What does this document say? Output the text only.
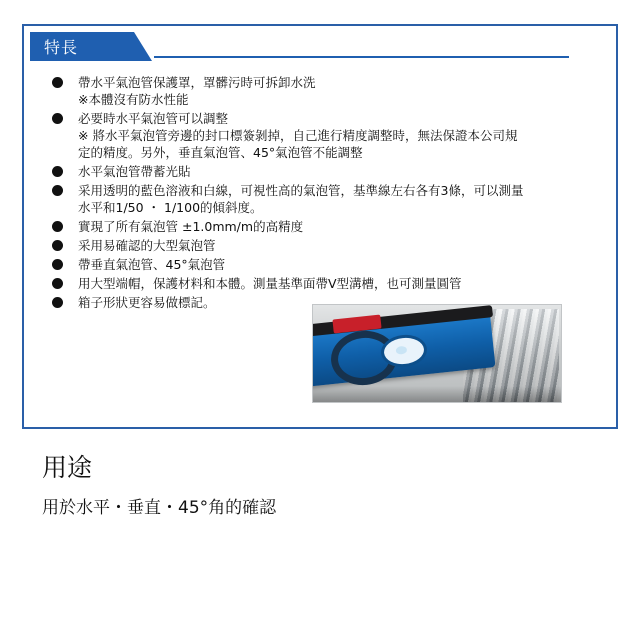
特長
帶水平氣泡管保護罩，罩髒污時可拆卸水洗
※本體沒有防水性能
必要時水平氣泡管可以調整
※ 將水平氣泡管旁邊的封口標簽剝掉，自己進行精度調整時，無法保證本公司規
定的精度。另外，垂直氣泡管、45°氣泡管不能調整
水平氣泡管帶蓄光貼
采用透明的藍色溶液和白線，可視性高的氣泡管，基準線左右各有3條，可以測量
水平和1/50 ・ 1/100的傾斜度。
實現了所有氣泡管 ±1.0mm/m的高精度
采用易確認的大型氣泡管
帶垂直氣泡管、45°氣泡管
用大型端帽，保護材料和本體。測量基準面帶V型溝槽，也可測量圓管
箱子形狀更容易做標記。
用途
用於水平・垂直・45°角的確認
